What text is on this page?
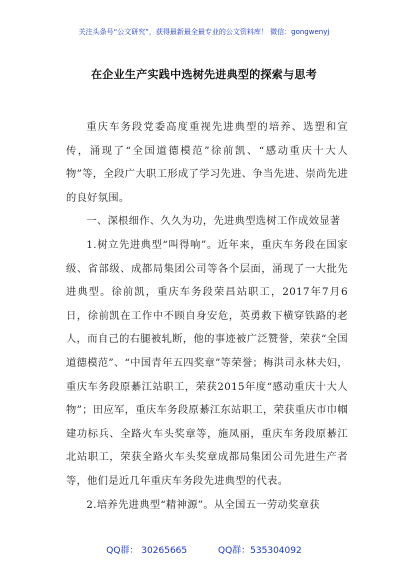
关注头条号“公文研究”，获得最新最全最专业的公文资料库！ 微信：gongwenyj
在企业生产实践中选树先进典型的探索与思考

重庆车务段党委高度重视先进典型的培养、选塑和宣传，涌现了“全国道德模范”徐前凯、“感动重庆十大人物”等，全段广大职工形成了学习先进、争当先进、崇尚先进的良好氛围。

一、深根细作、久久为功，先进典型选树工作成效显著

1.树立先进典型“叫得响”。近年来，重庆车务段在国家级、省部级、成都局集团公司等各个层面，涌现了一大批先进典型。徐前凯，重庆车务段荣昌站职工，2017年7月6日，徐前凯在工作中不顾自身安危，英勇救下横穿铁路的老人，而自己的右腿被轧断，他的事迹被广泛赞誉，荣获“全国道德模范”、“中国青年五四奖章”等荣誉；梅洪司永林夫妇，重庆车务段原綦江站职工，荣获2015年度“感动重庆十大人物”；田应军，重庆车务段原綦江东站职工，荣获重庆市巾帼建功标兵、全路火车头奖章等，施凤丽，重庆车务段原綦江北站职工，荣获全路火车头奖章成都局集团公司先进生产者等，他们是近几年重庆车务段先进典型的代表。

2.培养先进典型“精神源”。从全国五一劳动奖章获

QQ群： 30265665	QQ群：535304092
